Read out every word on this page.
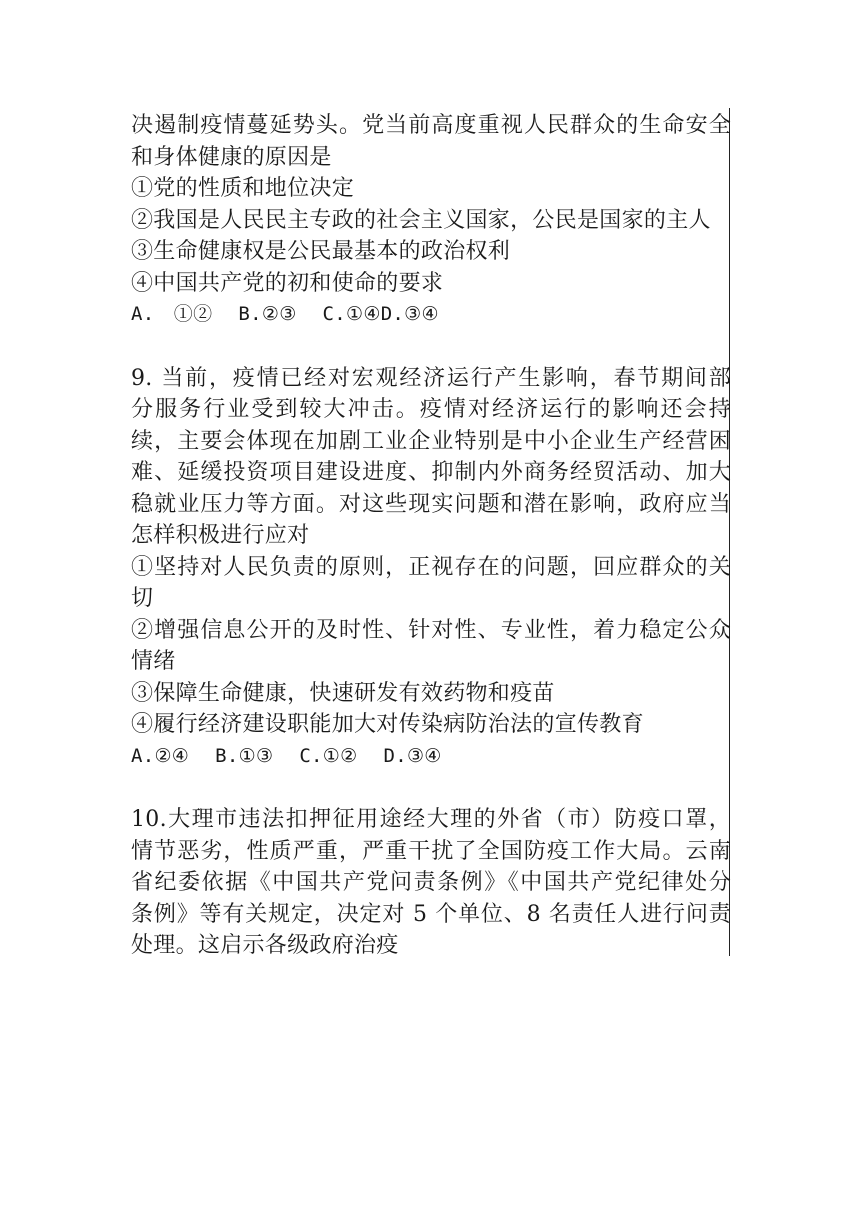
决遏制疫情蔓延势头。党当前高度重视人民群众的生命安全
和身体健康的原因是
①党的性质和地位决定
②我国是人民民主专政的社会主义国家，公民是国家的主人
③生命健康权是公民最基本的政治权利
④中国共产党的初和使命的要求
A.　①② B.②③ C.①④D.③④
9. 当前，疫情已经对宏观经济运行产生影响，春节期间部
分服务行业受到较大冲击。疫情对经济运行的影响还会持
续，主要会体现在加剧工业企业特别是中小企业生产经营困
难、延缓投资项目建设进度、抑制内外商务经贸活动、加大
稳就业压力等方面。对这些现实问题和潜在影响，政府应当
怎样积极进行应对
①坚持对人民负责的原则，正视存在的问题，回应群众的关
切
②增强信息公开的及时性、针对性、专业性，着力稳定公众
情绪
③保障生命健康，快速研发有效药物和疫苗
④履行经济建设职能加大对传染病防治法的宣传教育
A.②④ B.①③ C.①② D.③④
10.大理市违法扣押征用途经大理的外省（市）防疫口罩，
情节恶劣，性质严重，严重干扰了全国防疫工作大局。云南
省纪委依据《中国共产党问责条例》《中国共产党纪律处分
条例》等有关规定，决定对 5 个单位、8 名责任人进行问责
处理。这启示各级政府治疫
